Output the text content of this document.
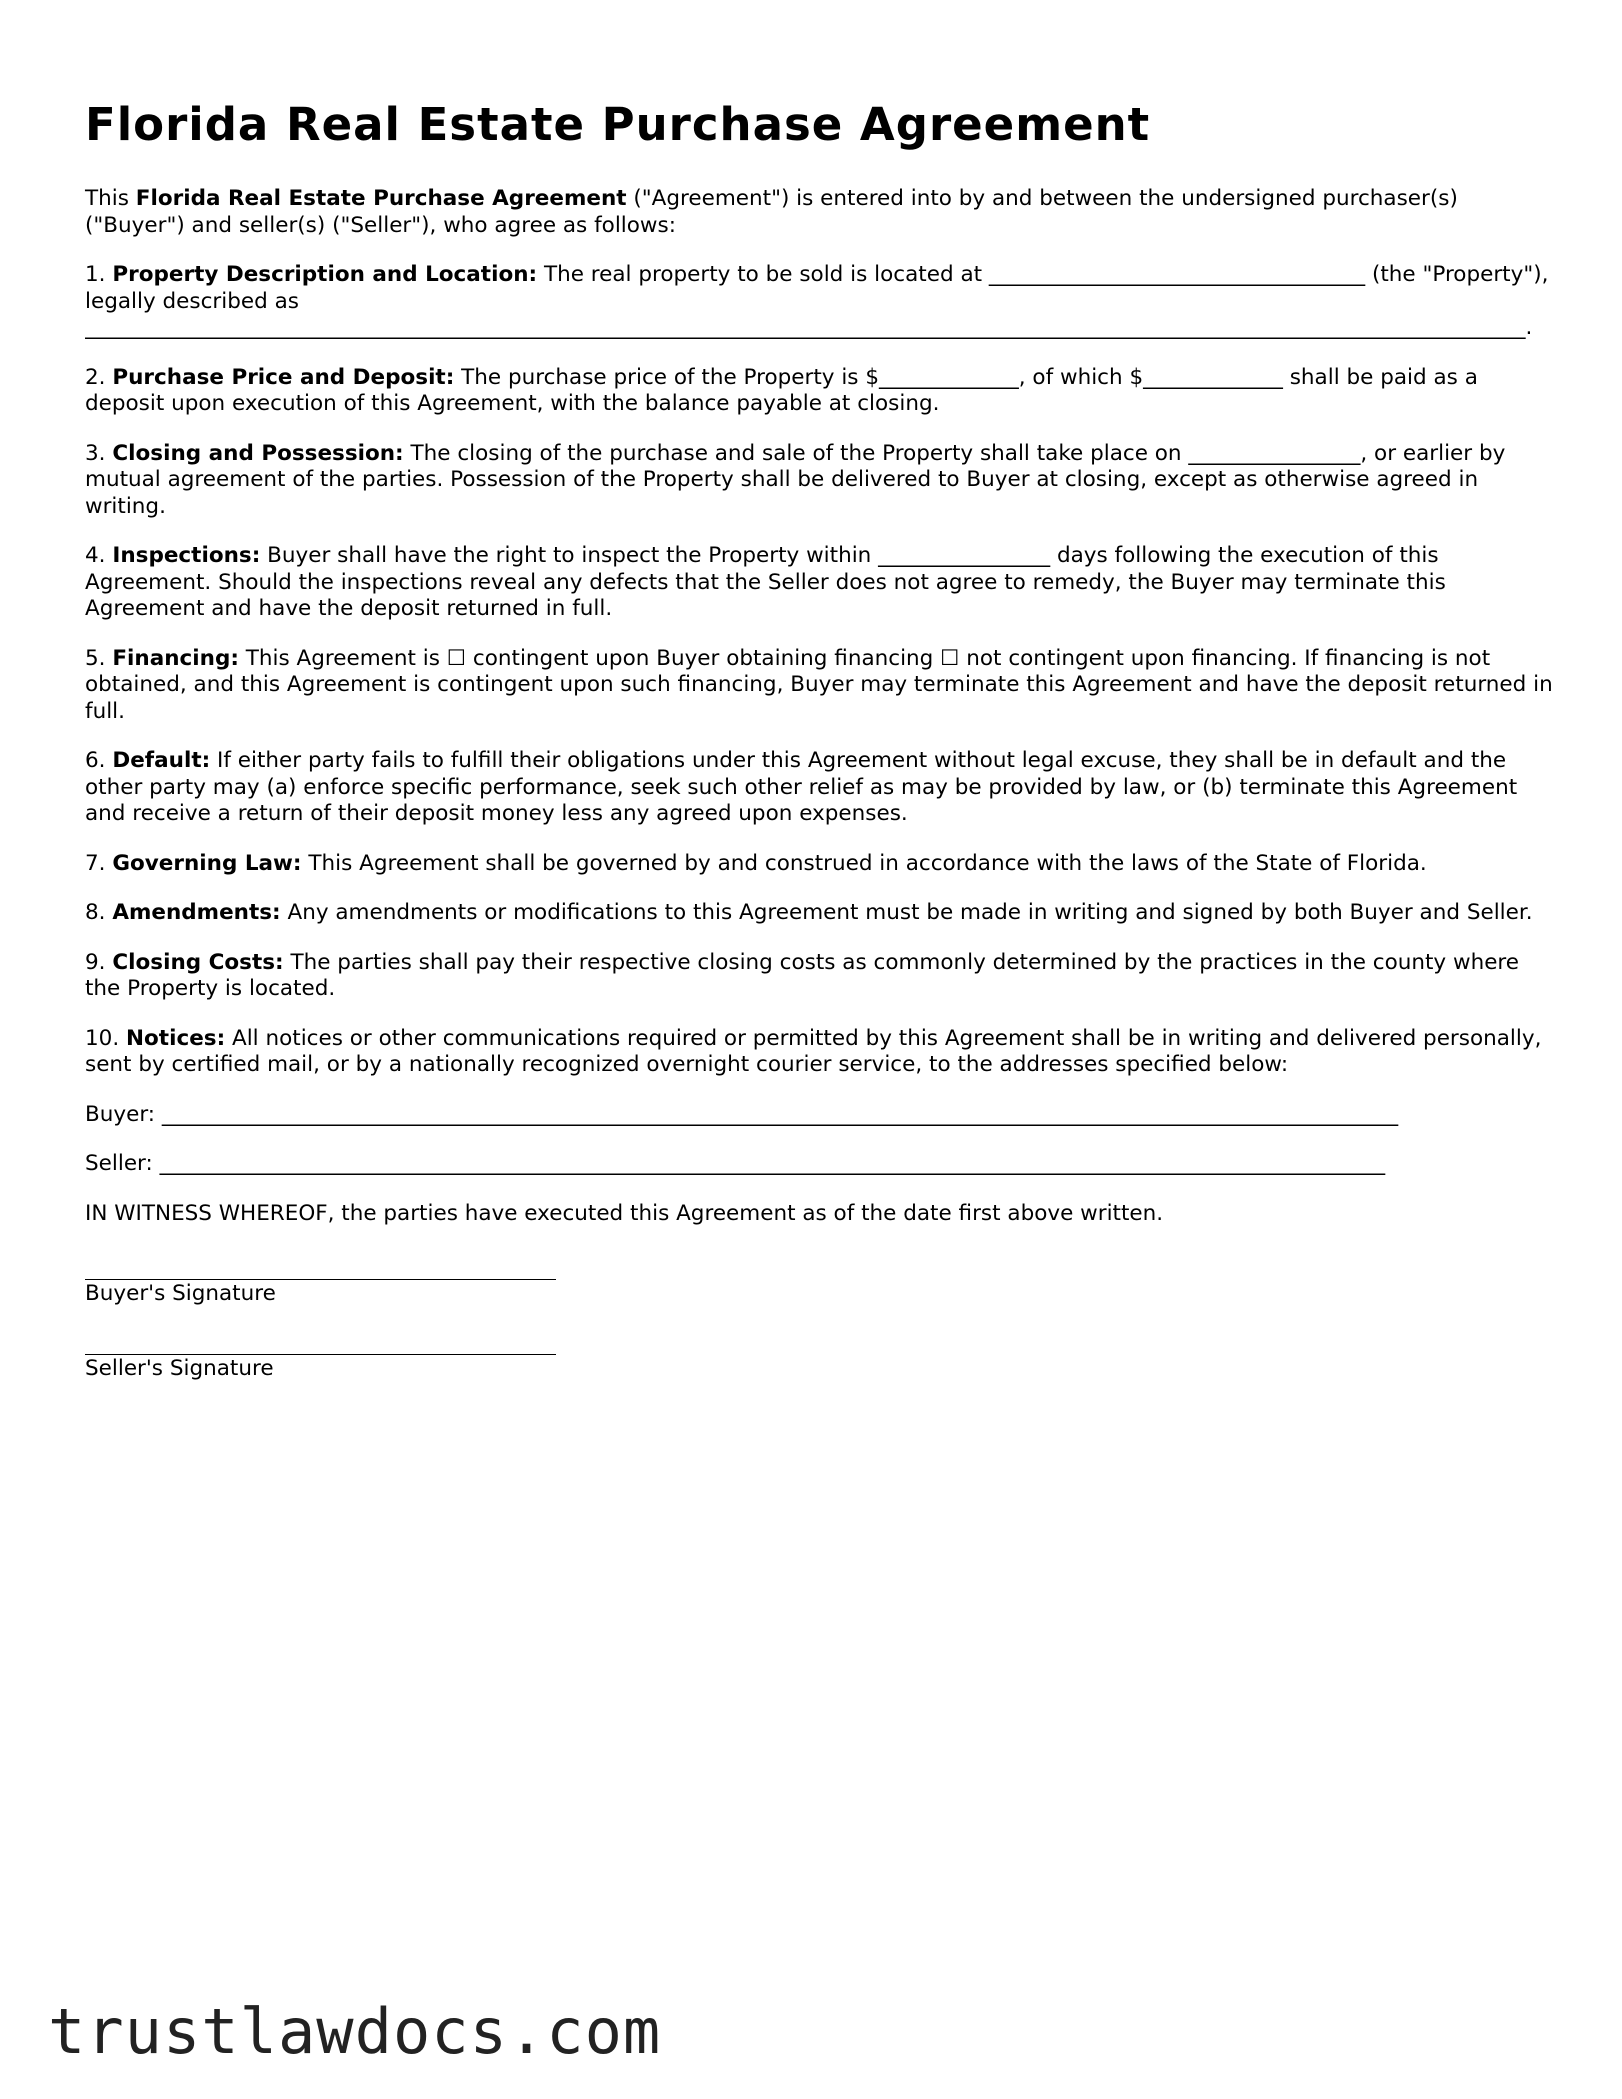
Florida Real Estate Purchase Agreement

This Florida Real Estate Purchase Agreement ("Agreement") is entered into by and between the undersigned purchaser(s) ("Buyer") and seller(s) ("Seller"), who agree as follows:

1. Property Description and Location: The real property to be sold is located at ___________________________________ (the "Property"), legally described as

______________________________________________________________________________________________________________________________________.

2. Purchase Price and Deposit: The purchase price of the Property is $_____________, of which $_____________ shall be paid as a deposit upon execution of this Agreement, with the balance payable at closing.

3. Closing and Possession: The closing of the purchase and sale of the Property shall take place on ________________, or earlier by mutual agreement of the parties. Possession of the Property shall be delivered to Buyer at closing, except as otherwise agreed in writing.

4. Inspections: Buyer shall have the right to inspect the Property within ________________ days following the execution of this Agreement. Should the inspections reveal any defects that the Seller does not agree to remedy, the Buyer may terminate this Agreement and have the deposit returned in full.

5. Financing: This Agreement is ☐ contingent upon Buyer obtaining financing ☐ not contingent upon financing. If financing is not obtained, and this Agreement is contingent upon such financing, Buyer may terminate this Agreement and have the deposit returned in full.

6. Default: If either party fails to fulfill their obligations under this Agreement without legal excuse, they shall be in default and the other party may (a) enforce specific performance, seek such other relief as may be provided by law, or (b) terminate this Agreement and receive a return of their deposit money less any agreed upon expenses.

7. Governing Law: This Agreement shall be governed by and construed in accordance with the laws of the State of Florida.

8. Amendments: Any amendments or modifications to this Agreement must be made in writing and signed by both Buyer and Seller.

9. Closing Costs: The parties shall pay their respective closing costs as commonly determined by the practices in the county where the Property is located.

10. Notices: All notices or other communications required or permitted by this Agreement shall be in writing and delivered personally, sent by certified mail, or by a nationally recognized overnight courier service, to the addresses specified below:

Buyer: ___________________________________________________________________________________________________________________

Seller: __________________________________________________________________________________________________________________

IN WITNESS WHEREOF, the parties have executed this Agreement as of the date first above written.

Buyer's Signature
Seller's Signature
trustlawdocs.com
